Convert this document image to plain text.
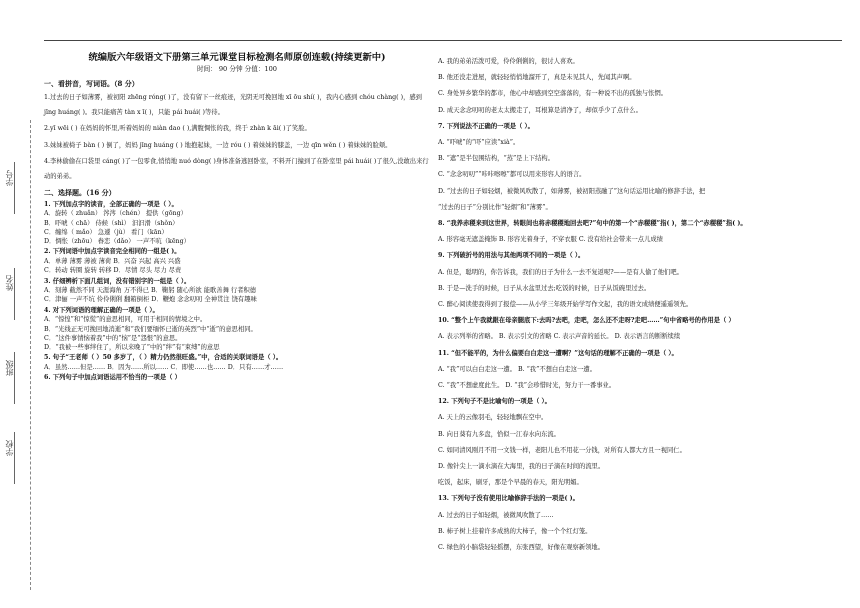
学号
姓名
班级
学校
统编版六年级语文下册第三单元课堂目标检测名师原创连载(持续更新中)
时间： 90 分钟 分值：100
一、看拼音，写词语。（8 分）
1.过去的日子如薄雾，被初阳 zhēng róng( )了，没有留下一丝痕迹，光阴无可挽回地 xī ōu shí( )，我内心感到 chóu chàng( )，感到 jīng huáng( )。我只能痛苦 tàn x ī( )，只能 pái huái( )等待。
2.yī wēi ( ) 在妈妈的怀里,听着妈妈的 niàn dao ( ),满腹惆怅的我，终于 zhàn k āi( )了笑脸。
3.妹妹被椅子 bàn ( ) 倒了，妈妈 jīng huáng ( ) 地抱起妹，一边 róu ( ) 着妹妹的膝盖，一边 qīn wěn ( ) 着妹妹的脸颊。
4.李林偷偷在口袋里 cáng( )了一包零食,悄悄地 nuó dòng( )身体准备逃回卧室，不料开门撞到了在卧室里 pái huái( )了很久,没敢出来行动的弟弟。
二、选择题。（16 分）
1. 下列加点字的读音，全部正确的一项是（ ）。
A．旋转（ zhuǎn） 涔涔（chén） 提供（gōng）
B．吓唬（ chā） 侍候（shì） 汩汩滑（shǒn）
C．缠绵（ mǎo） 急遽（jù） 看门（kān）
D．惆怅（zhōu） 眷恋（dǎo） 一声不吭（kēng）
2. 下列词语中加点字读音完全相同的一组是( )。
A．单薄 薄雾 薄被 薄荷 B．兴奋 兴起 高兴 兴盛
C．转动 转圈 旋转 转移 D．尽情 尽头 尽力 尽责
3. 仔细辨析下面几组词，没有错别字的一组是（ ）。
A．刻薄 截然不同 天涯海角 万不得已 B．鞠躬 随心所欲 能歌善舞 行者积德
C．津俪 一声不坑 伶伶俐俐 翻箱倒柜 D．鞭炮 念念叨叨 全神贯注 饶有趣味
4. 对下列词语的理解正确的一项是（ ）。
A．“惊惶”和“惊慌”的意思相同，可用于相同的情境之中。
B．“光线正无可挽回地消逝”和“我们要缅怀已逝的英烈”中“逝”的意思相同。
C．“这件事情恼着我”中的“恼”是“怨恨”的意思。
D．“我被一些事绊住了，所以来晚了”中的“绊”有“束缚”的意思
5. 句子“王老师（ ）50 多岁了，（ ）精力仍然很旺盛。”中，合适的关联词语是（ ）。
A．虽然……但是…… B．因为……所以…… C．即使……也…… D．只有……才……
6. 下列句子中加点词语运用不恰当的一项是（ ）
A. 我的弟弟活泼可爱，伶伶俐俐的，很讨人喜欢。
B. 他还没走进屋，就轻轻悄悄地溜开了，真是未见其人，先闻其声啊。
C. 身处异乡繁华的都市，他心中却感到空空落落的，有一种说不出的孤独与怅惘。
D. 成天念念叨叨的老太太搬走了，耳根算是清净了，却似乎少了点什么。
7. 下列说法不正确的一项是（ ）。
A. “吓唬”的“吓”应读“xià”。
B. “遮”是半包围结构，“蒸”是上下结构。
C. “念念叨叨”“咔咔嚓嚓”都可以用来形容人的语言。
D. “过去的日子如轻烟，被微风吹散了，如薄雾，被初阳蒸融了”这句话运用比喻的修辞手法，把
“过去的日子”分别比作“轻烟”和“薄雾”。
8. “我养赤稷来到这世界，转眼间也将赤稷稷地回去吧?”句中的第一个“赤稷稷”指( )，第二个“赤稷稷”指( )。
A. 形容毫无遮盖掩饰 B. 形容光着身子，不穿衣服 C. 没有给社会带来一点儿成绩
9. 下列破折号的用法与其他两项不同的一项是（ ）。
A. 但是，聪明的，你告诉我，我们的日子为什么一去不复返呢?——是有人偷了他们吧。
B. 于是—洗手的时候，日子从水盆里过去;吃饭的时候，日子从饭碗里过去。
C. 醉心阅读使我得到了报偿——从小学三年级开始学写作文起，我的语文成绩便遥遥领先。
10. “整个上午我就跟在母亲腿底下:去吗?去吧，走吧，怎么还不走呀?走吧……”句中省略号的作用是（ ）
A. 表示列举的省略。 B. 表示引文的省略 C. 表示声音的延长。 D. 表示语言的断断续续
11. “但不能平的，为什么偏要白白走这一遭啊？”这句话的理解不正确的一项是（ ）。
A. “我”可以白白走这一遭。 B. “我”不想白白走这一遭。
C. “我”不想虚度此生。 D. “我”会珍惜时光，努力干一番事业。
12. 下列句子不是比喻句的一项是（ ）。
A. 天上的云像羽毛，轻轻地飘在空中。
B. 向日葵有九多盘，恰似一江春水向东流。
C. 如同清风刚月不用一文钱一样，老阳儿也不用花一分钱，对所有人都大方且一视同仁。
D. 像针尖上一滴水滴在大海里，我的日子滴在时间的流里。
吃饭，起床，刷牙，那是个早晨的春天，阳光明媚。
13. 下列句子没有使用比喻修辞手法的一项是( )。
A. 过去的日子如轻烟，被微风吹散了……
B. 柿子树上挂着许多成熟的大柿子，像一个个红灯笼。
C. 绿色的小脑袋轻轻摇摆，东张西望，好像在观察新领地。
